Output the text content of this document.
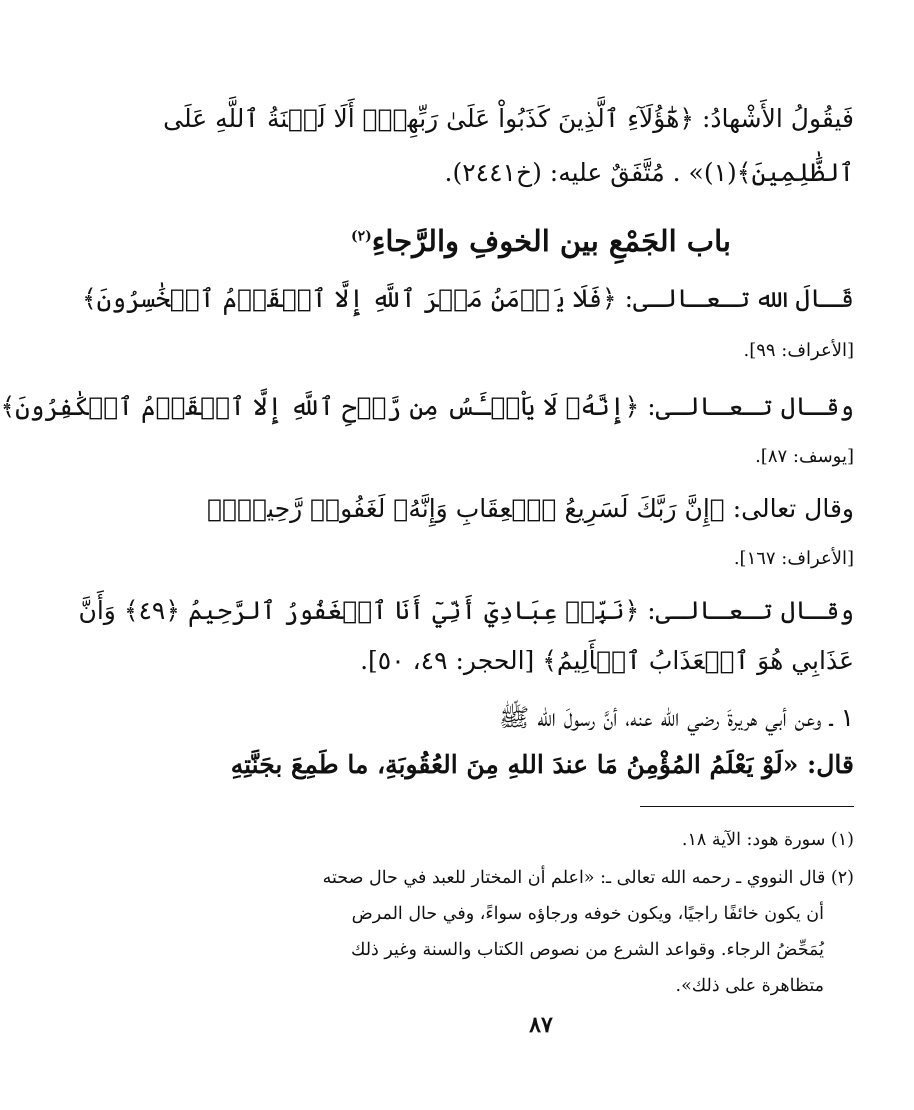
فَيقُولُ الأَشْهادُ: ﴿هَٰٓؤُلَآءِ ٱلَّذِينَ كَذَبُواْ عَلَىٰ رَبِّهِمْۚ أَلَا لَعۡنَةُ ٱللَّهِ عَلَى
ٱلظَّٰلِمِينَ﴾(١)» . مُتَّفَقٌ عليه: (خ٢٤٤١).
باب الجَمْعِ بين الخوفِ والرَّجاءِ$^{(٢)}$
قَـالَ الله تـعـالـى: ﴿فَلَا يَأۡمَنُ مَكۡرَ ٱللَّهِ إِلَّا ٱلۡقَوۡمُ ٱلۡخَٰسِرُونَ﴾
[الأعراف: ٩٩].
وقـال تـعـالـى: ﴿إِنَّهُۥ لَا يَاْيۡـَٔسُ مِن رَّوۡحِ ٱللَّهِ إِلَّا ٱلۡقَوۡمُ ٱلۡكَٰفِرُونَ﴾
[يوسف: ٨٧].
وقال تعالى: ﴿إِنَّ رَبَّكَ لَسَرِيعُ ٱلۡعِقَابِ وَإِنَّهُۥ لَغَفُورٞ رَّحِيمُۢ﴾
[الأعراف: ١٦٧].
وقـال تـعـالـى: ﴿نَبِّئۡ عِبَادِيٓ أَنِّيٓ أَنَا ٱلۡغَفُورُ ٱلرَّحِيمُ ﴿٤٩﴾ وَأَنَّ
عَذَابِي هُوَ ٱلۡعَذَابُ ٱلۡأَلِيمُ﴾ [الحجر: ٤٩، ٥٠].
١ ـ وعن أبي هريرةَ رضي الله عنه، أنَّ رسولَ الله ﷺ
قال: «لَوْ يَعْلَمُ المُؤْمِنُ مَا عندَ اللهِ مِنَ العُقُوبَةِ، ما طَمِعَ بجَنَّتِهِ
(١) سورة هود: الآية ١٨.
(٢) قال النووي ـ رحمه الله تعالى ـ: «اعلم أن المختار للعبد في حال صحته
أن يكون خائفًا راجيًا، ويكون خوفه ورجاؤه سواءً، وفي حال المرض
يُمَحِّضُ الرجاء. وقواعد الشرع من نصوص الكتاب والسنة وغير ذلك
متظاهرة على ذلك».
٨٧
